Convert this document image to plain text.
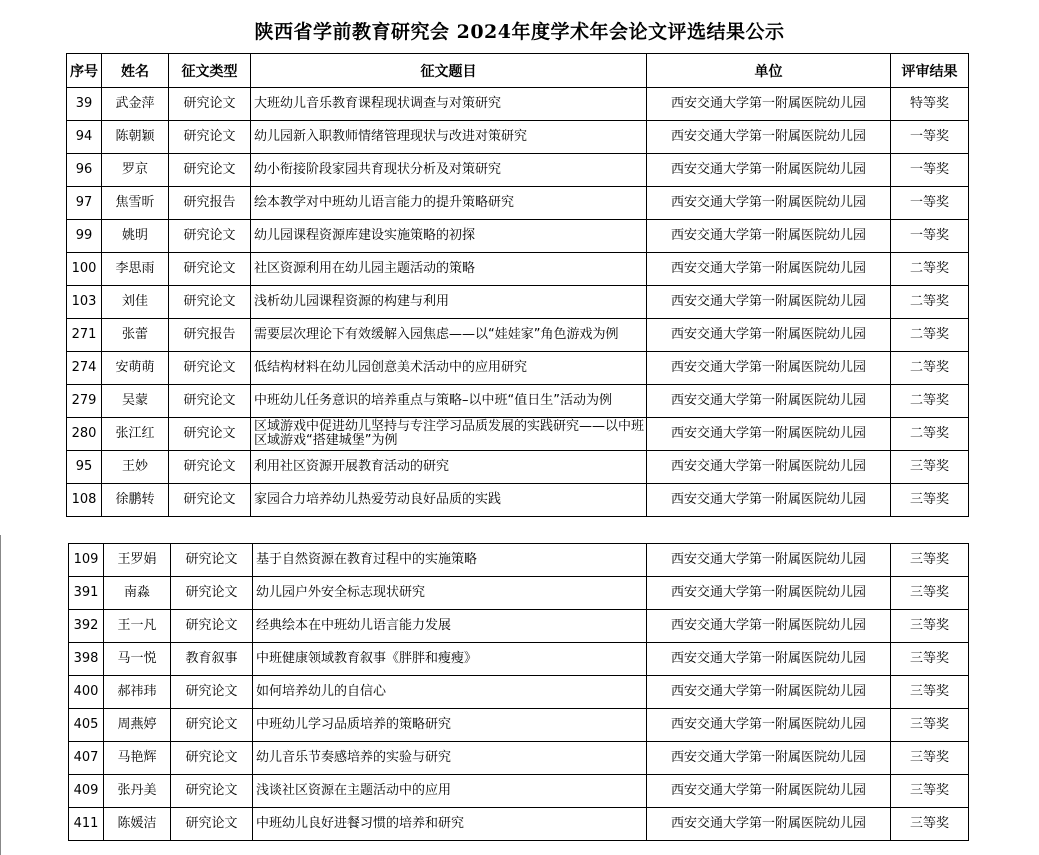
陕西省学前教育研究会 2024年度学术年会论文评选结果公示
序号	姓名	征文类型	征文题目	单位	评审结果
39	武金萍	研究论文	大班幼儿音乐教育课程现状调查与对策研究	西安交通大学第一附属医院幼儿园	特等奖
94	陈朝颖	研究论文	幼儿园新入职教师情绪管理现状与改进对策研究	西安交通大学第一附属医院幼儿园	一等奖
96	罗京	研究论文	幼小衔接阶段家园共育现状分析及对策研究	西安交通大学第一附属医院幼儿园	一等奖
97	焦雪昕	研究报告	绘本教学对中班幼儿语言能力的提升策略研究	西安交通大学第一附属医院幼儿园	一等奖
99	姚明	研究论文	幼儿园课程资源库建设实施策略的初探	西安交通大学第一附属医院幼儿园	一等奖
100	李思雨	研究论文	社区资源利用在幼儿园主题活动的策略	西安交通大学第一附属医院幼儿园	二等奖
103	刘佳	研究论文	浅析幼儿园课程资源的构建与利用	西安交通大学第一附属医院幼儿园	二等奖
271	张蕾	研究报告	需要层次理论下有效缓解入园焦虑——以“娃娃家”角色游戏为例	西安交通大学第一附属医院幼儿园	二等奖
274	安萌萌	研究论文	低结构材料在幼儿园创意美术活动中的应用研究	西安交通大学第一附属医院幼儿园	二等奖
279	吴蒙	研究论文	中班幼儿任务意识的培养重点与策略–以中班“值日生”活动为例	西安交通大学第一附属医院幼儿园	二等奖
280	张江红	研究论文	区域游戏中促进幼儿坚持与专注学习品质发展的实践研究——以中班区域游戏“搭建城堡”为例	西安交通大学第一附属医院幼儿园	二等奖
95	王妙	研究论文	利用社区资源开展教育活动的研究	西安交通大学第一附属医院幼儿园	三等奖
108	徐鹏转	研究论文	家园合力培养幼儿热爱劳动良好品质的实践	西安交通大学第一附属医院幼儿园	三等奖
109	王罗娟	研究论文	基于自然资源在教育过程中的实施策略	西安交通大学第一附属医院幼儿园	三等奖
391	南淼	研究论文	幼儿园户外安全标志现状研究	西安交通大学第一附属医院幼儿园	三等奖
392	王一凡	研究论文	经典绘本在中班幼儿语言能力发展	西安交通大学第一附属医院幼儿园	三等奖
398	马一悦	教育叙事	中班健康领域教育叙事《胖胖和瘦瘦》	西安交通大学第一附属医院幼儿园	三等奖
400	郝祎玮	研究论文	如何培养幼儿的自信心	西安交通大学第一附属医院幼儿园	三等奖
405	周燕婷	研究论文	中班幼儿学习品质培养的策略研究	西安交通大学第一附属医院幼儿园	三等奖
407	马艳辉	研究论文	幼儿音乐节奏感培养的实验与研究	西安交通大学第一附属医院幼儿园	三等奖
409	张丹美	研究论文	浅谈社区资源在主题活动中的应用	西安交通大学第一附属医院幼儿园	三等奖
411	陈媛洁	研究论文	中班幼儿良好进餐习惯的培养和研究	西安交通大学第一附属医院幼儿园	三等奖
